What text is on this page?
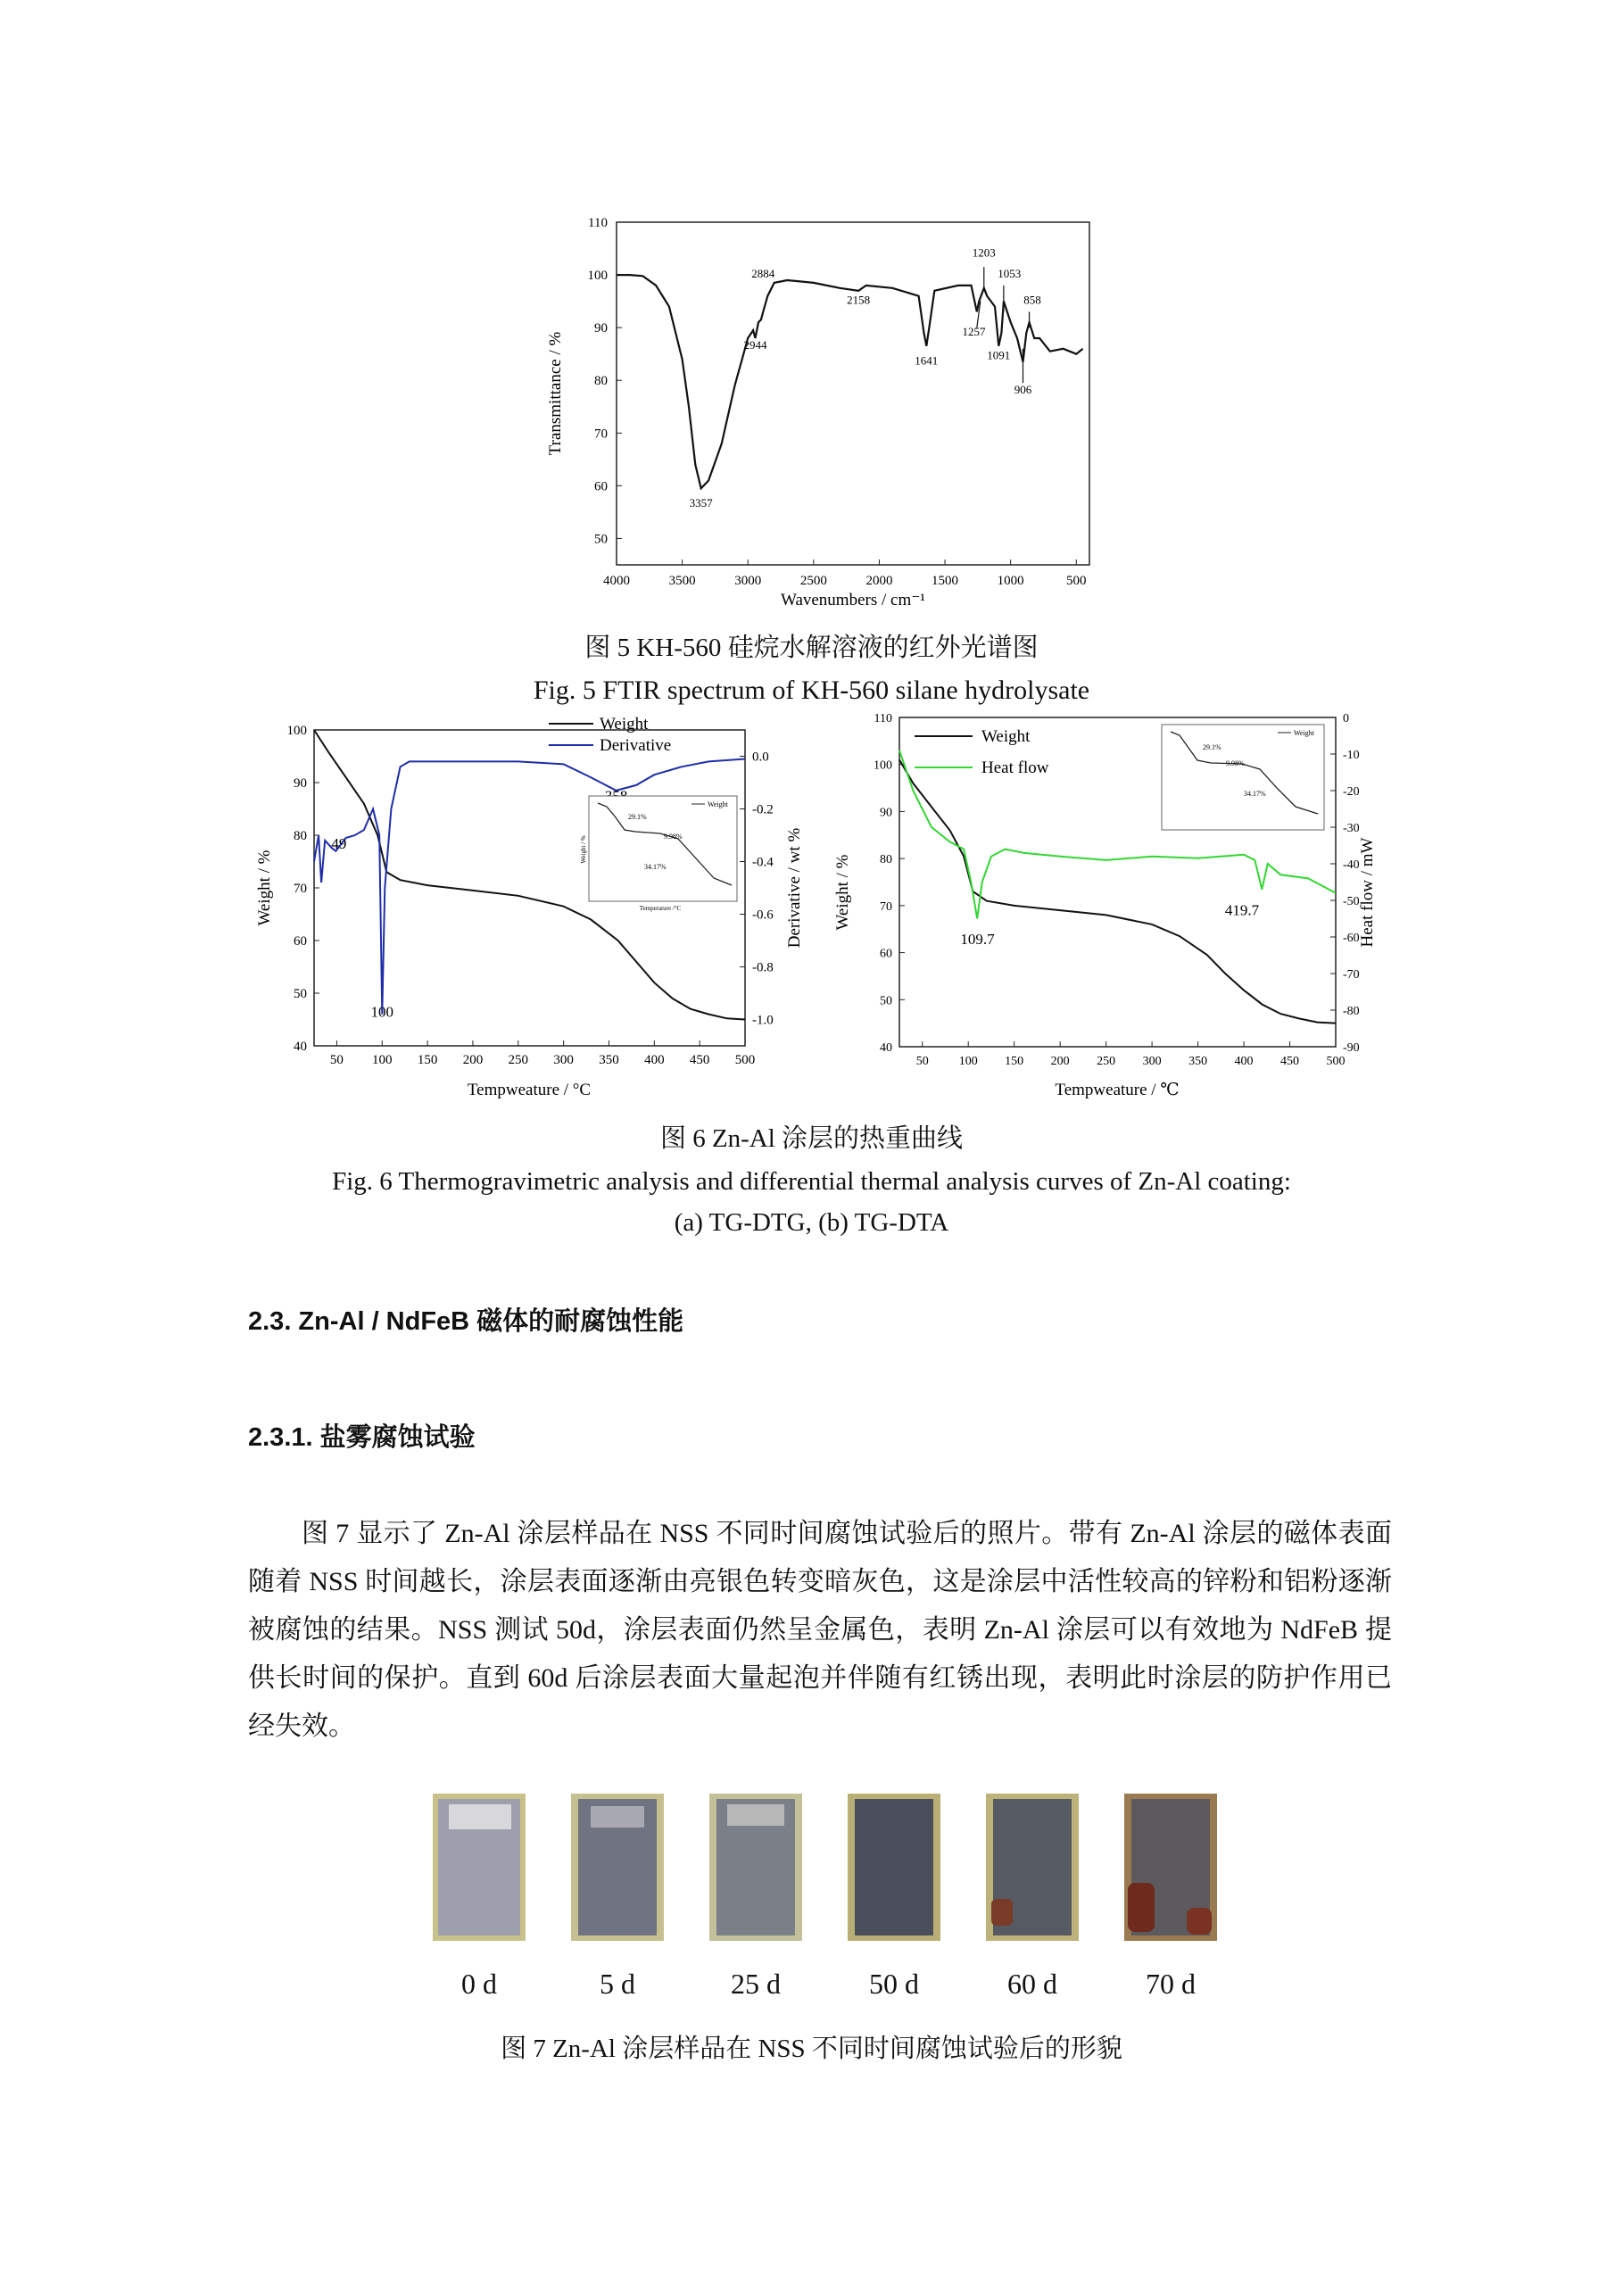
4000	3500	3000	2500	2000	1500	1000	500
50
60
70
80
90
100
110
3357
2944
2884
2158
1641
1257
1203
1091
1053
906
858
Wavenumbers / cm⁻¹
Transmittance / %
图 5 KH-560 硅烷水解溶液的红外光谱图
Fig. 5 FTIR spectrum of KH-560 silane hydrolysate
50 100 150 200 250 300 350 400 450 500
40
50
60
70
80
90
100
0.0
-0.2
-0.4
-0.6
-0.8
-1.0
Weight
Derivative
49
100
Weight
29.1%
9.98%
34.17%
Temperature /°C
Weight / %
Tempweature / °C
Weight / %	Derivative / wt %
50 100 150 200 250 300 350 400 450 500
40
50
60
70
80
90
100
110	0
-10
-20
-30
-40
-50
-60
-70
-80
-90
Weight
Heat flow
109.7
419.7
Weight
29.1%
9.98%
34.17%
Tempweature / ℃
Weight / %	Heat flow / mW
图 6 Zn-Al 涂层的热重曲线
Fig. 6 Thermogravimetric analysis and differential thermal analysis curves of Zn-Al coating:
(a) TG-DTG, (b) TG-DTA
2.3. Zn-Al / NdFeB 磁体的耐腐蚀性能
2.3.1. 盐雾腐蚀试验

图 7 显示了 Zn-Al 涂层样品在 NSS 不同时间腐蚀试验后的照片。带有 Zn-Al 涂层的磁体表面随着 NSS 时间越长，涂层表面逐渐由亮银色转变暗灰色，这是涂层中活性较高的锌粉和铝粉逐渐被腐蚀的结果。NSS 测试 50d，涂层表面仍然呈金属色，表明 Zn-Al 涂层可以有效地为 NdFeB 提供长时间的保护。直到 60d 后涂层表面大量起泡并伴随有红锈出现，表明此时涂层的防护作用已经失效。

0 d	5 d	25 d	50 d	60 d	70 d
图 7 Zn-Al 涂层样品在 NSS 不同时间腐蚀试验后的形貌
